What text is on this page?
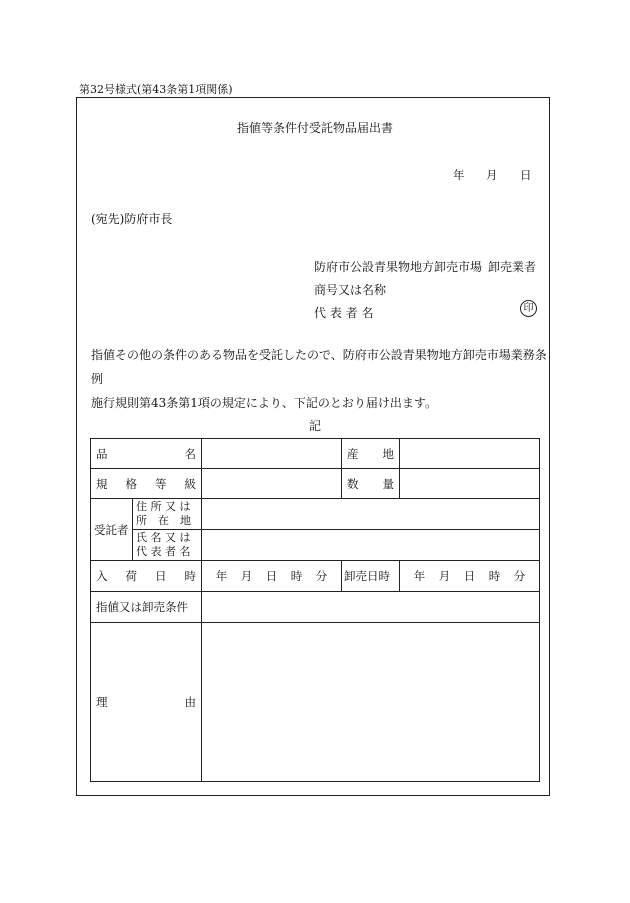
第32号様式(第43条第1項関係)
指値等条件付受託物品届出書
年 月 日
(宛先)防府市長
防府市公設青果物地方卸売市場 卸売業者
商号又は名称
代 表 者 名	印

指値その他の条件のある物品を受託したので、防府市公設青果物地方卸売市場業務条例

施行規則第43条第1項の規定により、下記のとおり届け出ます。

記
品 名			産 地	

規 格 等 級			数 量	

受託者	住 所 又 は
所　在　地			

氏 名 又 は
代 表 者 名			

入 荷 日 時		年 月 日 時 分	卸売日時	年 月 日 時 分

指値又は卸売条件				

理 由				
